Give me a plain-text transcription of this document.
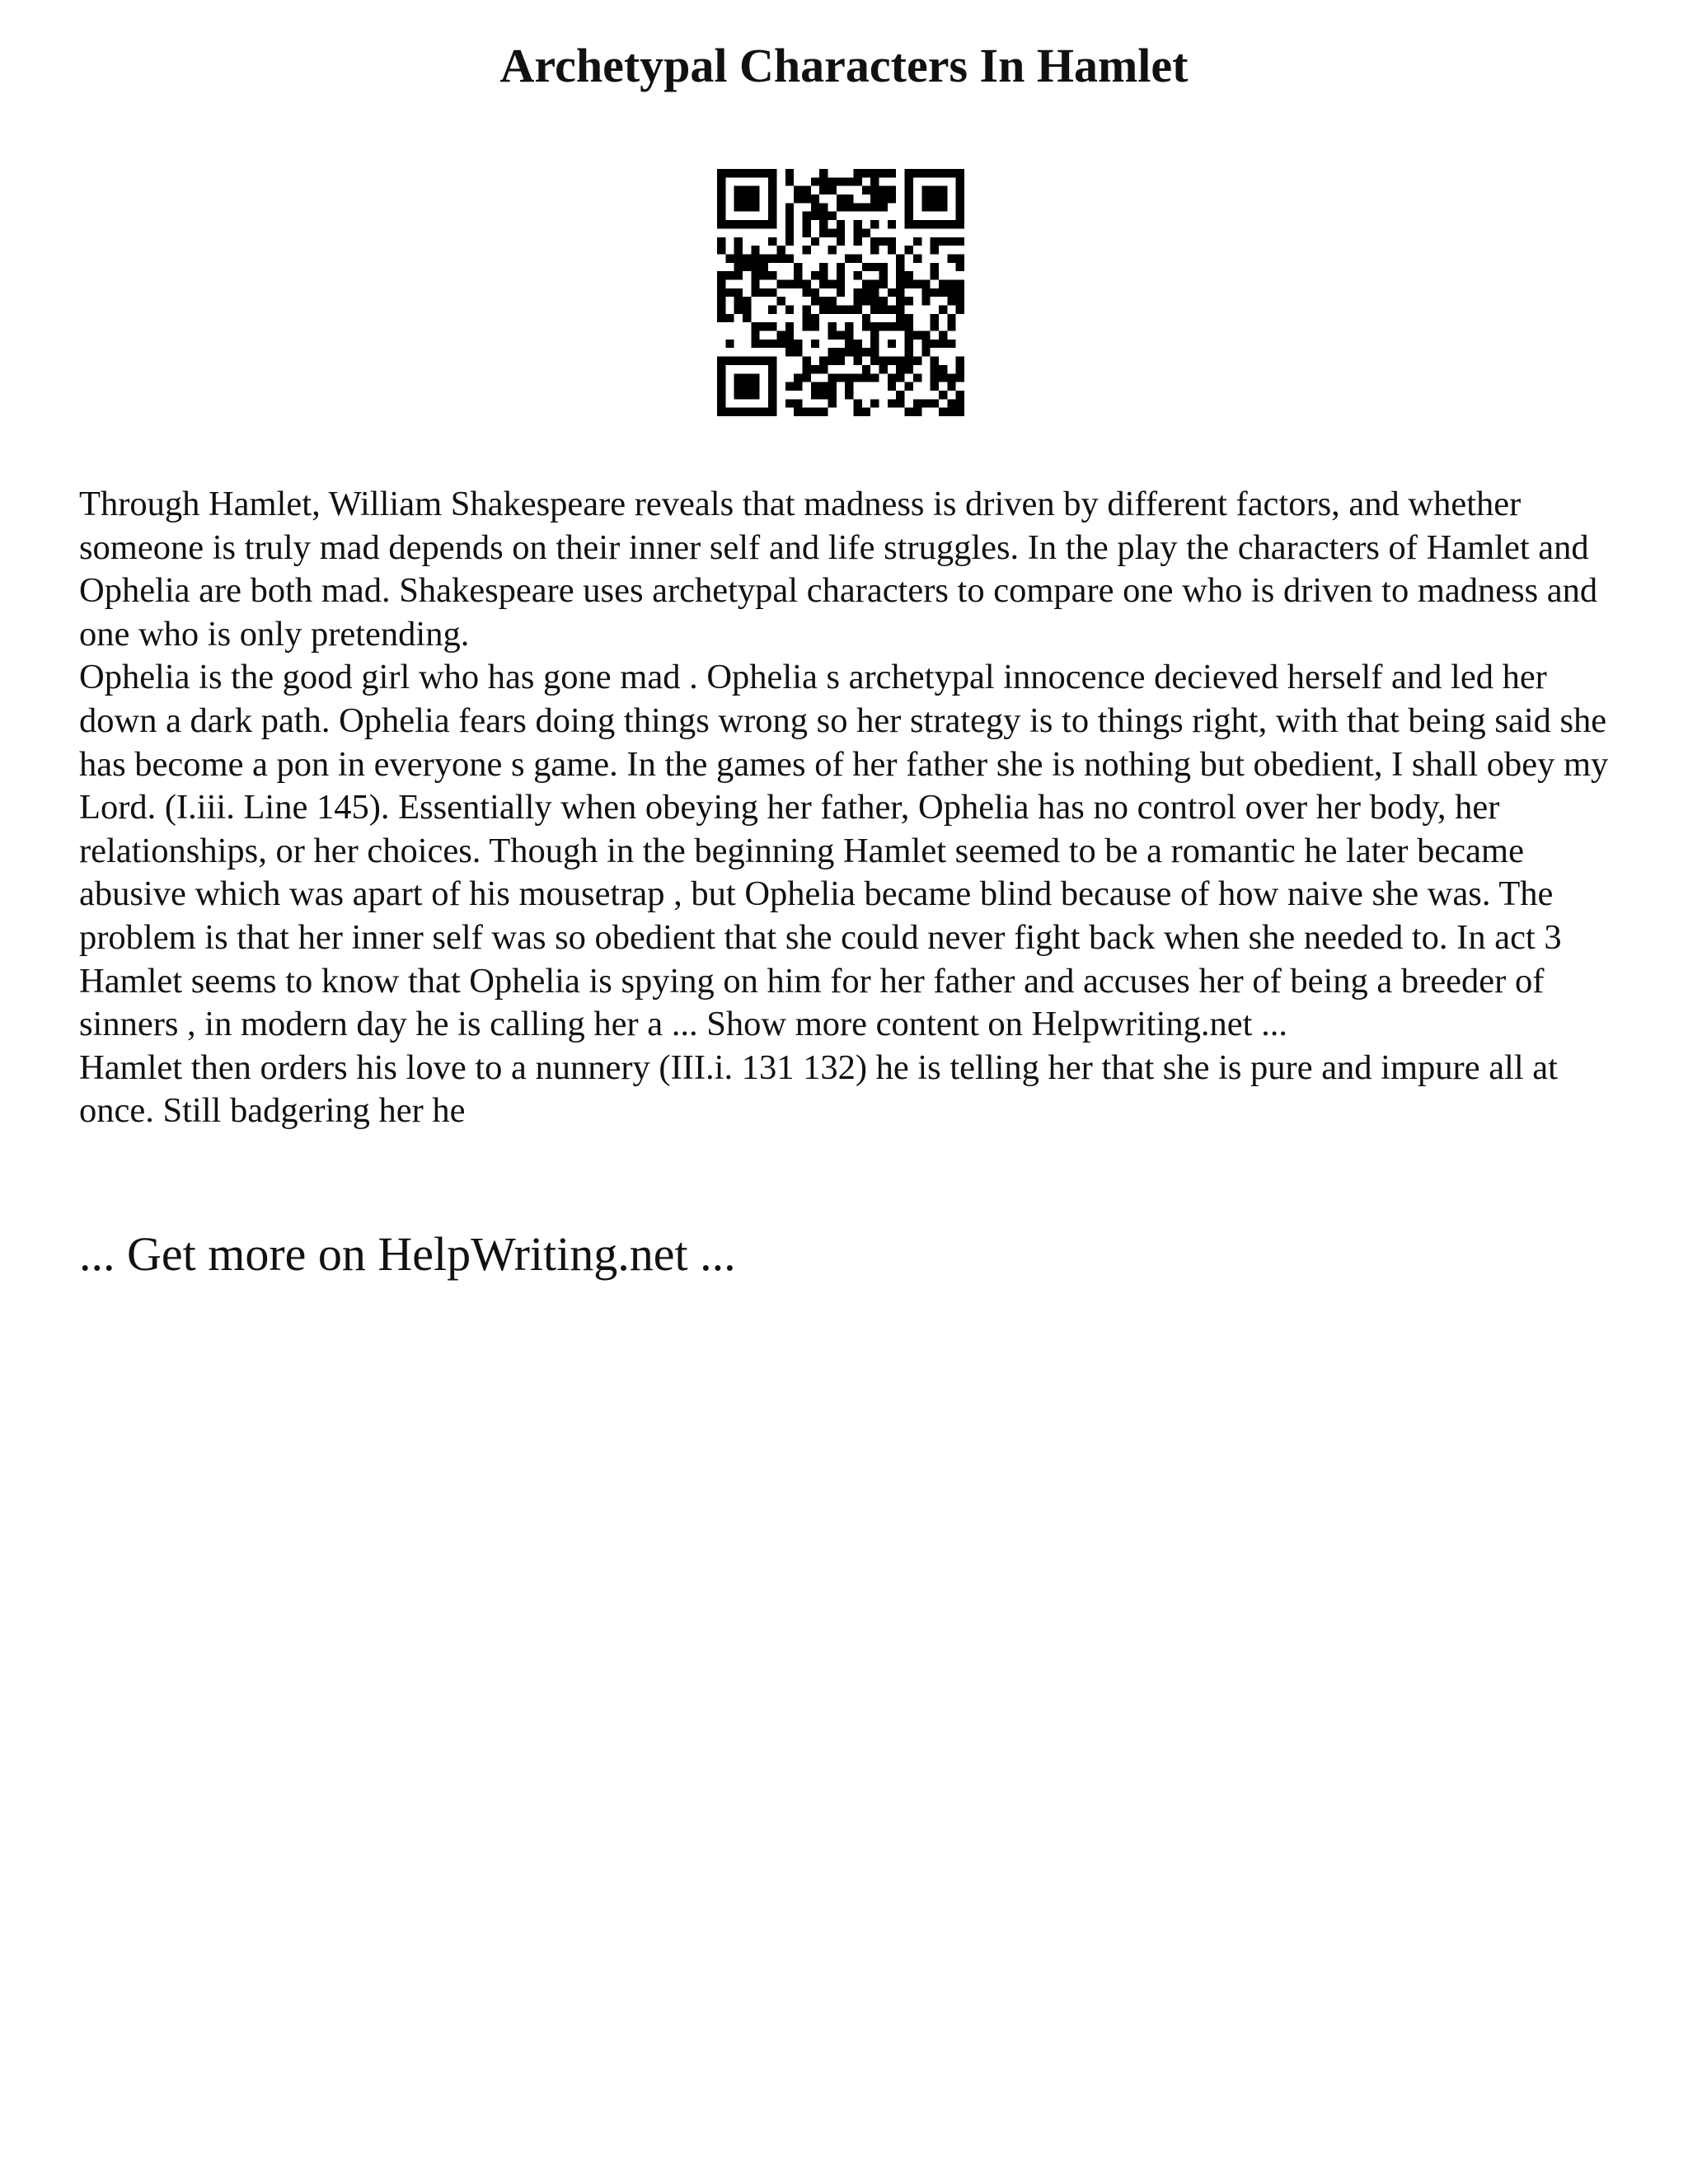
Archetypal Characters In Hamlet

Through Hamlet, William Shakespeare reveals that madness is driven by different factors, and whether someone is truly mad depends on their inner self and life struggles. In the play the characters of Hamlet and Ophelia are both mad. Shakespeare uses archetypal characters to compare one who is driven to madness and one who is only pretending.

Ophelia is the good girl who has gone mad . Ophelia s archetypal innocence decieved herself and led her down a dark path. Ophelia fears doing things wrong so her strategy is to things right, with that being said she has become a pon in everyone s game. In the games of her father she is nothing but obedient, I shall obey my Lord. (I.iii. Line 145). Essentially when obeying her father, Ophelia has no control over her body, her relationships, or her choices. Though in the beginning Hamlet seemed to be a romantic he later became abusive which was apart of his mousetrap , but Ophelia became blind because of how naive she was. The problem is that her inner self was so obedient that she could never fight back when she needed to. In act 3 Hamlet seems to know that Ophelia is spying on him for her father and accuses her of being a breeder of sinners , in modern day he is calling her a ... Show more content on Helpwriting.net ...

Hamlet then orders his love to a nunnery (III.i. 131 132) he is telling her that she is pure and impure all at once. Still badgering her he

... Get more on HelpWriting.net ...
